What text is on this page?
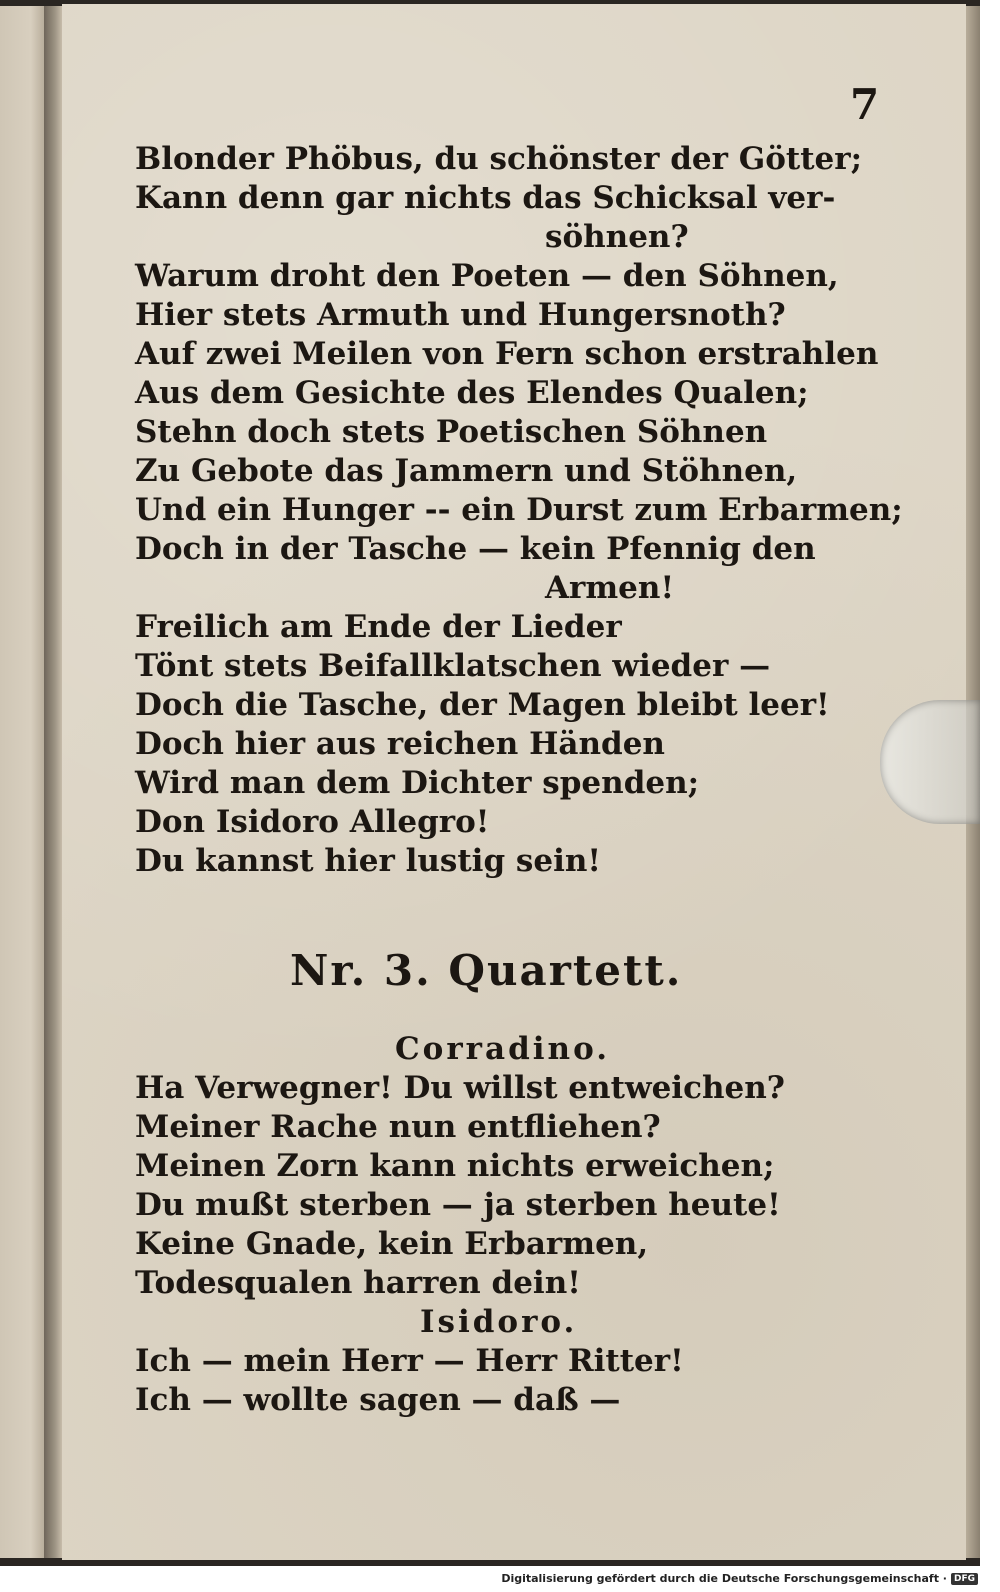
7
Blonder Phöbus, du schönster der Götter;
Kann denn gar nichts das Schicksal ver-
söhnen?
Warum droht den Poeten — den Söhnen,
Hier stets Armuth und Hungersnoth?
Auf zwei Meilen von Fern schon erstrahlen
Aus dem Gesichte des Elendes Qualen;
Stehn doch stets Poetischen Söhnen
Zu Gebote das Jammern und Stöhnen,
Und ein Hunger -- ein Durst zum Erbarmen;
Doch in der Tasche — kein Pfennig den
Armen!
Freilich am Ende der Lieder
Tönt stets Beifallklatschen wieder —
Doch die Tasche, der Magen bleibt leer!
Doch hier aus reichen Händen
Wird man dem Dichter spenden;
Don Isidoro Allegro!
Du kannst hier lustig sein!
Nr. 3. Quartett.
Corradino.
Ha Verwegner! Du willst entweichen?
Meiner Rache nun entfliehen?
Meinen Zorn kann nichts erweichen;
Du mußt sterben — ja sterben heute!
Keine Gnade, kein Erbarmen,
Todesqualen harren dein!
Isidoro.
Ich — mein Herr — Herr Ritter!
Ich — wollte sagen — daß —
Digitalisierung gefördert durch die Deutsche Forschungsgemeinschaft · DFG
